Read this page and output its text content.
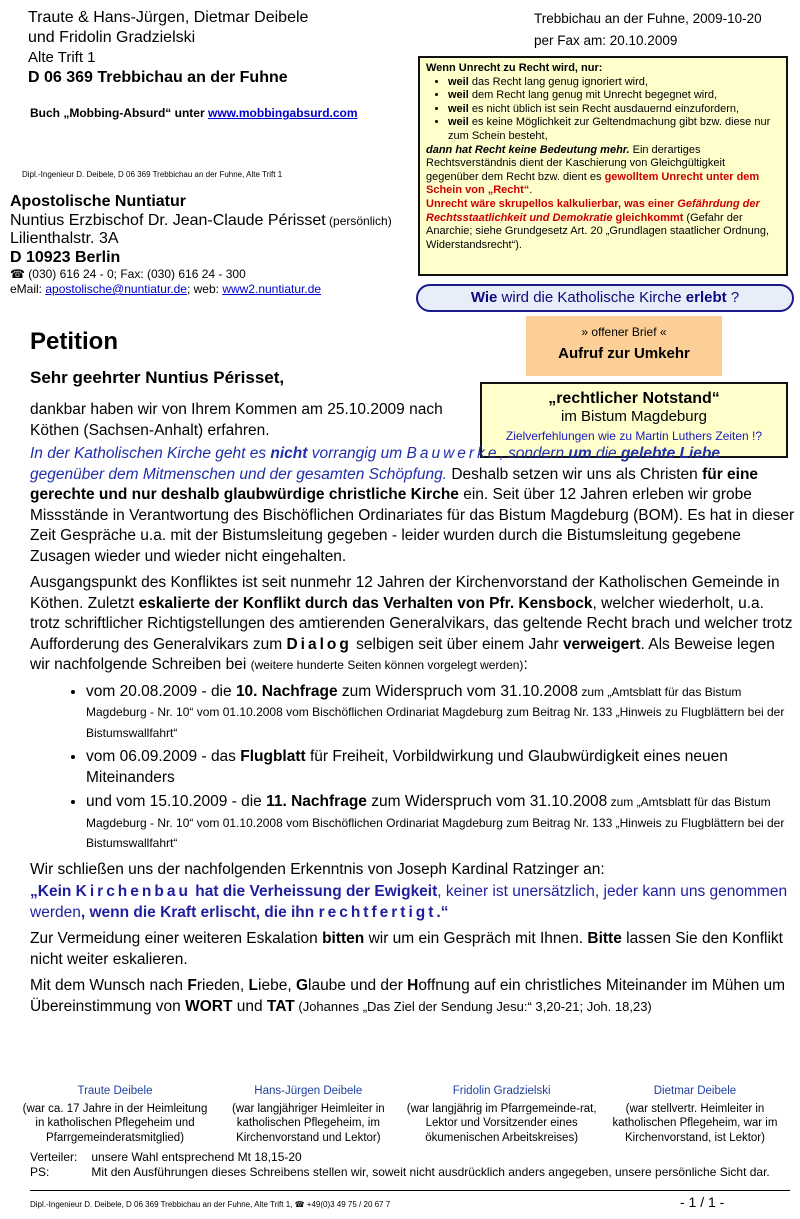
Traute & Hans-Jürgen, Dietmar Deibele
und Fridolin Gradzielski
Alte Trift 1
D 06 369 Trebbichau an der Fuhne
Buch „Mobbing-Absurd“ unter www.mobbingabsurd.com
Trebbichau an der Fuhne, 2009-10-20
per Fax am: 20.10.2009
Wenn Unrecht zu Recht wird, nur:
• weil das Recht lang genug ignoriert wird,
• weil dem Recht lang genug mit Unrecht begegnet wird,
• weil es nicht üblich ist sein Recht ausdauernd einzufordern,
• weil es keine Möglichkeit zur Geltendmachung gibt bzw. diese nur zum Schein besteht,
dann hat Recht keine Bedeutung mehr. Ein derartiges Rechtsverständnis dient der Kaschierung von Gleichgültigkeit gegenüber dem Recht bzw. dient es gewolltem Unrecht unter dem Schein von „Recht“.
Unrecht wäre skrupellos kalkulierbar, was einer Gefährdung der Rechtsstaatlichkeit und Demokratie gleichkommt (Gefahr der Anarchie; siehe Grundgesetz Art. 20 „Grundlagen staatlicher Ordnung, Widerstandsrecht“).
Dipl.-Ingenieur D. Deibele, D 06 369 Trebbichau an der Fuhne, Alte Trift 1
Apostolische Nuntiatur
Nuntius Erzbischof Dr. Jean-Claude Périsset (persönlich)
Lilienthalstr. 3A
D 10923 Berlin
☎ (030) 616 24 - 0; Fax: (030) 616 24 - 300
eMail: apostolische@nuntiatur.de; web: www2.nuntiatur.de	Wie wird die Katholische Kirche erlebt ?
» offener Brief «
Aufruf zur Umkehr
Petition
Sehr geehrter Nuntius Périsset,
„rechtlicher Notstand“
im Bistum Magdeburg
Zielverfehlungen wie zu Martin Luthers Zeiten !?
dankbar haben wir von Ihrem Kommen am 25.10.2009 nach Köthen (Sachsen-Anhalt) erfahren.

In der Katholischen Kirche geht es nicht vorrangig um Bauwerke, sondern um die gelebte Liebe gegenüber dem Mitmenschen und der gesamten Schöpfung. Deshalb setzen wir uns als Christen für eine gerechte und nur deshalb glaubwürdige christliche Kirche ein. Seit über 12 Jahren erleben wir grobe Missstände in Verantwortung des Bischöflichen Ordinariates für das Bistum Magdeburg (BOM). Es hat in dieser Zeit Gespräche u.a. mit der Bistumsleitung gegeben - leider wurden durch die Bistumsleitung gegebene Zusagen wieder und wieder nicht eingehalten.

Ausgangspunkt des Konfliktes ist seit nunmehr 12 Jahren der Kirchenvorstand der Katholischen Gemeinde in Köthen. Zuletzt eskalierte der Konflikt durch das Verhalten von Pfr. Kensbock, welcher wiederholt, u.a. trotz schriftlicher Richtigstellungen des amtierenden Generalvikars, das geltende Recht brach und welcher trotz Aufforderung des Generalvikars zum Dialog selbigen seit über einem Jahr verweigert. Als Beweise legen wir nachfolgende Schreiben bei (weitere hunderte Seiten können vorgelegt werden):

• vom 20.08.2009 - die 10. Nachfrage zum Widerspruch vom 31.10.2008 zum „Amtsblatt für das Bistum Magdeburg - Nr. 10“ vom 01.10.2008 vom Bischöflichen Ordinariat Magdeburg zum Beitrag Nr. 133 „Hinweis zu Flugblättern bei der Bistumswallfahrt“
• vom 06.09.2009 - das Flugblatt für Freiheit, Vorbildwirkung und Glaubwürdigkeit eines neuen Miteinanders
• und vom 15.10.2009 - die 11. Nachfrage zum Widerspruch vom 31.10.2008 zum „Amtsblatt für das Bistum Magdeburg - Nr. 10“ vom 01.10.2008 vom Bischöflichen Ordinariat Magdeburg zum Beitrag Nr. 133 „Hinweis zu Flugblättern bei der Bistumswallfahrt“

Wir schließen uns der nachfolgenden Erkenntnis von Joseph Kardinal Ratzinger an:

„Kein Kirchenbau hat die Verheissung der Ewigkeit, keiner ist unersätzlich, jeder kann uns genommen werden, wenn die Kraft erlischt, die ihn rechtfertigt.“

Zur Vermeidung einer weiteren Eskalation bitten wir um ein Gespräch mit Ihnen. Bitte lassen Sie den Konflikt nicht weiter eskalieren.

Mit dem Wunsch nach Frieden, Liebe, Glaube und der Hoffnung auf ein christliches Miteinander im Mühen um Übereinstimmung von WORT und TAT (Johannes „Das Ziel der Sendung Jesu:“ 3,20-21; Joh. 18,23)

Traute Deibele
(war ca. 17 Jahre in der Heimleitung in katholischen Pflegeheim und Pfarrgemeinderatsmitglied)
Hans-Jürgen Deibele
(war langjähriger Heimleiter in katholischen Pflegeheim, im Kirchenvorstand und Lektor)
Fridolin Gradzielski
(war langjährig im Pfarrgemeinde-rat, Lektor und Vorsitzender eines ökumenischen Arbeitskreises)
Dietmar Deibele
(war stellvertr. Heimleiter in katholischen Pflegeheim, war im Kirchenvorstand, ist Lektor)
Verteiler:	unsere Wahl entsprechend Mt 18,15-20
PS:	Mit den Ausführungen dieses Schreibens stellen wir, soweit nicht ausdrücklich anders angegeben, unsere persönliche Sicht dar.
Dipl.-Ingenieur D. Deibele, D 06 369 Trebbichau an der Fuhne, Alte Trift 1, ☎ +49(0)3 49 75 / 20 67 7	- 1 / 1 -
